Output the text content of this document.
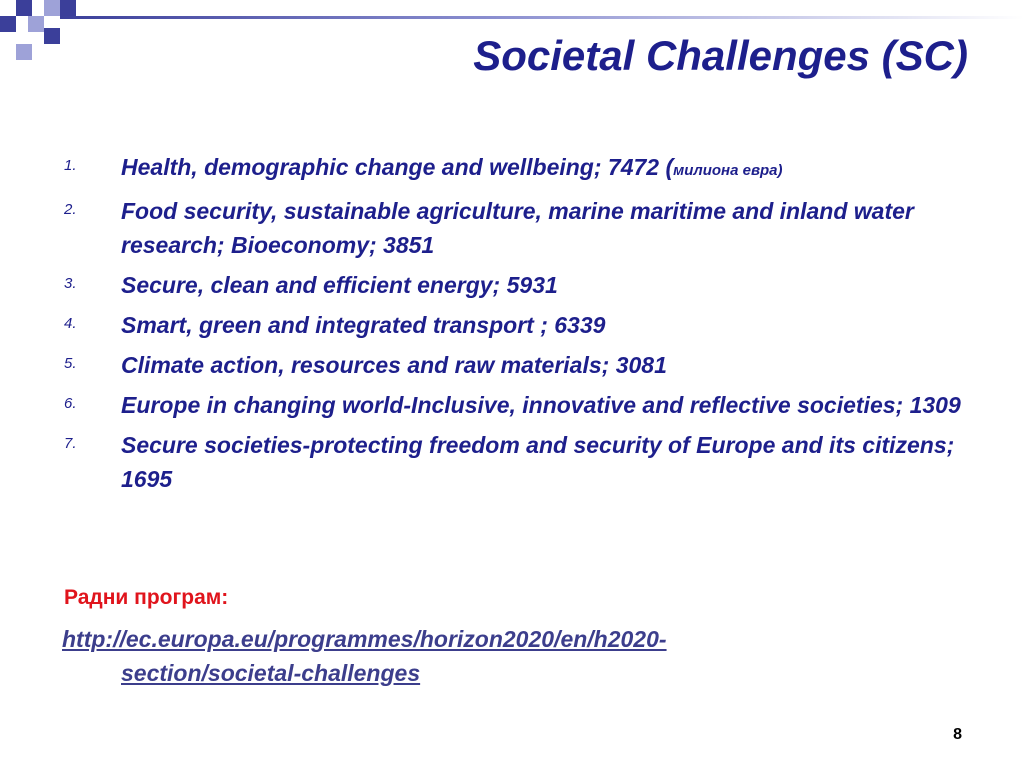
Societal Challenges (SC)
1. Health, demographic change and wellbeing; 7472 (милиона евра)
2. Food security, sustainable agriculture, marine maritime and inland water research; Bioeconomy; 3851
3. Secure, clean and efficient energy; 5931
4. Smart, green and integrated transport ; 6339
5. Climate action, resources and raw materials; 3081
6. Europe in changing world-Inclusive, innovative and reflective societies; 1309
7. Secure societies-protecting freedom and security of Europe and its citizens; 1695

Радни програм:

http://ec.europa.eu/programmes/horizon2020/en/h2020-
section/societal-challenges
8
